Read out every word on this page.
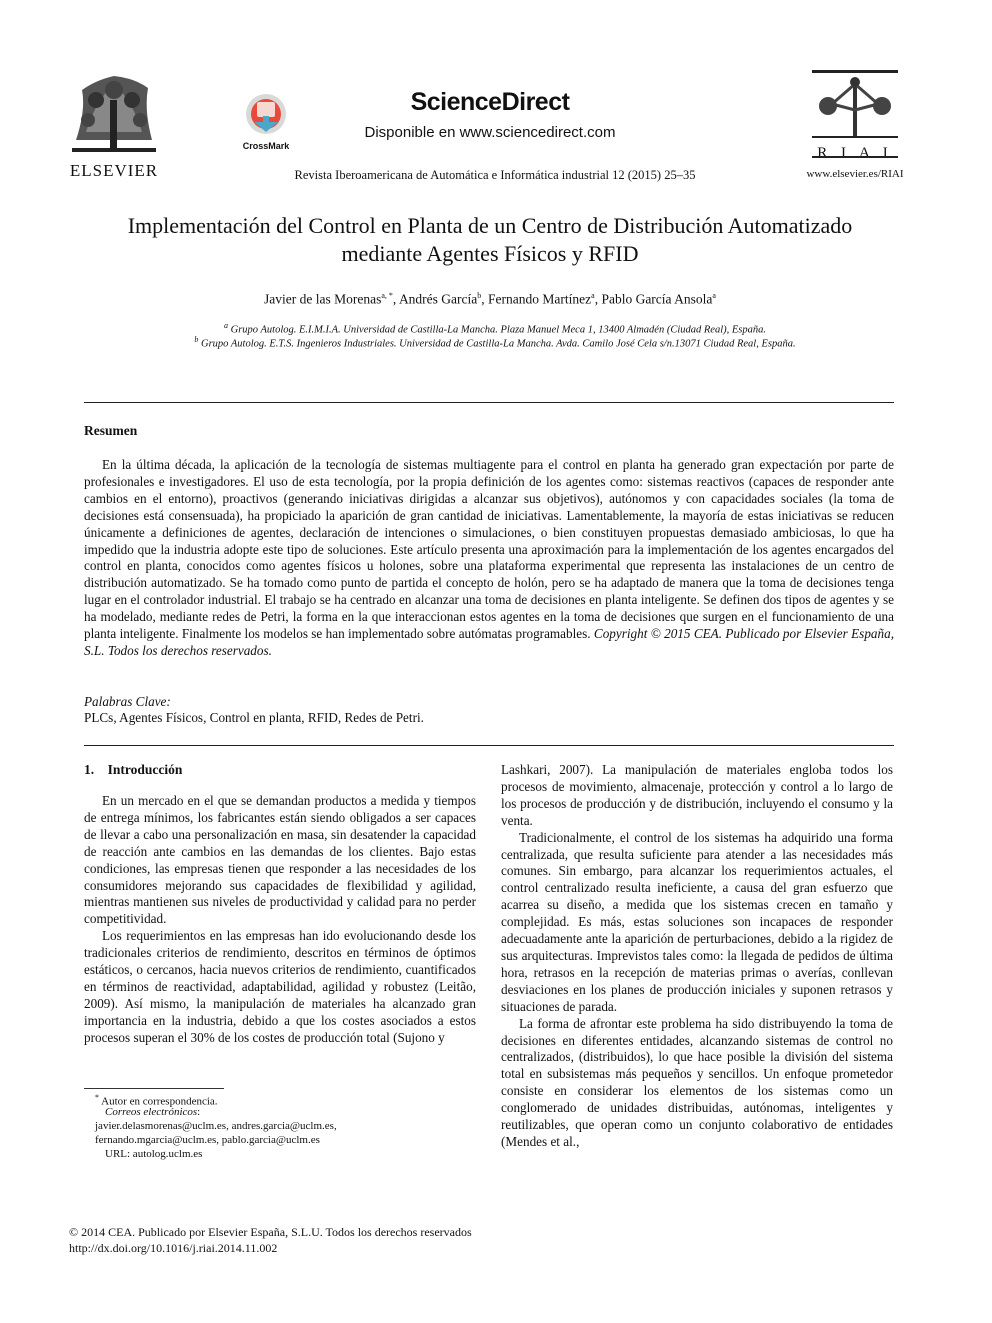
ELSEVIER
CrossMark
ScienceDirect
Disponible en www.sciencedirect.com
Revista Iberoamericana de Automática e Informática industrial 12 (2015) 25–35
R I A I
www.elsevier.es/RIAI
Implementación del Control en Planta de un Centro de Distribución Automatizado
mediante Agentes Físicos y RFID
Javier de las Morenas$^{a, *}$, Andrés García$^b$, Fernando Martínez$^a$, Pablo García Ansola$^a$
$^a$ Grupo Autolog. E.I.M.I.A. Universidad de Castilla-La Mancha. Plaza Manuel Meca 1, 13400 Almadén (Ciudad Real), España.
$^b$ Grupo Autolog. E.T.S. Ingenieros Industriales. Universidad de Castilla-La Mancha. Avda. Camilo José Cela s/n.13071 Ciudad Real, España.
Resumen
En la última década, la aplicación de la tecnología de sistemas multiagente para el control en planta ha generado gran expectación por parte de profesionales e investigadores. El uso de esta tecnología, por la propia definición de los agentes como: sistemas reactivos (capaces de responder ante cambios en el entorno), proactivos (generando iniciativas dirigidas a alcanzar sus objetivos), autónomos y con capacidades sociales (la toma de decisiones está consensuada), ha propiciado la aparición de gran cantidad de iniciativas. Lamentablemente, la mayoría de estas iniciativas se reducen únicamente a definiciones de agentes, declaración de intenciones o simulaciones, o bien constituyen propuestas demasiado ambiciosas, lo que ha impedido que la industria adopte este tipo de soluciones. Este artículo presenta una aproximación para la implementación de los agentes encargados del control en planta, conocidos como agentes físicos u holones, sobre una plataforma experimental que representa las instalaciones de un centro de distribución automatizado. Se ha tomado como punto de partida el concepto de holón, pero se ha adaptado de manera que la toma de decisiones tenga lugar en el controlador industrial. El trabajo se ha centrado en alcanzar una toma de decisiones en planta inteligente. Se definen dos tipos de agentes y se ha modelado, mediante redes de Petri, la forma en la que interaccionan estos agentes en la toma de decisiones que surgen en el funcionamiento de una planta inteligente. Finalmente los modelos se han implementado sobre autómatas programables. Copyright © 2015 CEA. Publicado por Elsevier España, S.L. Todos los derechos reservados.
Palabras Clave:
PLCs, Agentes Físicos, Control en planta, RFID, Redes de Petri.
1.    Introducción

En un mercado en el que se demandan productos a medida y tiempos de entrega mínimos, los fabricantes están siendo obligados a ser capaces de llevar a cabo una personalización en masa, sin desatender la capacidad de reacción ante cambios en las demandas de los clientes. Bajo estas condiciones, las empresas tienen que responder a las necesidades de los consumidores mejorando sus capacidades de flexibilidad y agilidad, mientras mantienen sus niveles de productividad y calidad para no perder competitividad.

Los requerimientos en las empresas han ido evolucionando desde los tradicionales criterios de rendimiento, descritos en términos de óptimos estáticos, o cercanos, hacia nuevos criterios de rendimiento, cuantificados en términos de reactividad, adaptabilidad, agilidad y robustez (Leitão, 2009). Así mismo, la manipulación de materiales ha alcanzado gran importancia en la industria, debido a que los costes asociados a estos procesos superan el 30% de los costes de producción total (Sujono y

Lashkari, 2007). La manipulación de materiales engloba todos los procesos de movimiento, almacenaje, protección y control a lo largo de los procesos de producción y de distribución, incluyendo el consumo y la venta.

Tradicionalmente, el control de los sistemas ha adquirido una forma centralizada, que resulta suficiente para atender a las necesidades más comunes. Sin embargo, para alcanzar los requerimientos actuales, el control centralizado resulta ineficiente, a causa del gran esfuerzo que acarrea su diseño, a medida que los sistemas crecen en tamaño y complejidad. Es más, estas soluciones son incapaces de responder adecuadamente ante la aparición de perturbaciones, debido a la rigidez de sus arquitecturas. Imprevistos tales como: la llegada de pedidos de última hora, retrasos en la recepción de materias primas o averías, conllevan desviaciones en los planes de producción iniciales y suponen retrasos y situaciones de parada.

La forma de afrontar este problema ha sido distribuyendo la toma de decisiones en diferentes entidades, alcanzando sistemas de control no centralizados, (distribuidos), lo que hace posible la división del sistema total en subsistemas más pequeños y sencillos. Un enfoque prometedor consiste en considerar los elementos de los sistemas como un conglomerado de unidades distribuidas, autónomas, inteligentes y reutilizables, que operan como un conjunto colaborativo de entidades (Mendes et al.,

* Autor en correspondencia.
Correos electrónicos:
javier.delasmorenas@uclm.es, andres.garcia@uclm.es,
fernando.mgarcia@uclm.es, pablo.garcia@uclm.es
URL: autolog.uclm.es
© 2014 CEA. Publicado por Elsevier España, S.L.U. Todos los derechos reservados
http://dx.doi.org/10.1016/j.riai.2014.11.002
